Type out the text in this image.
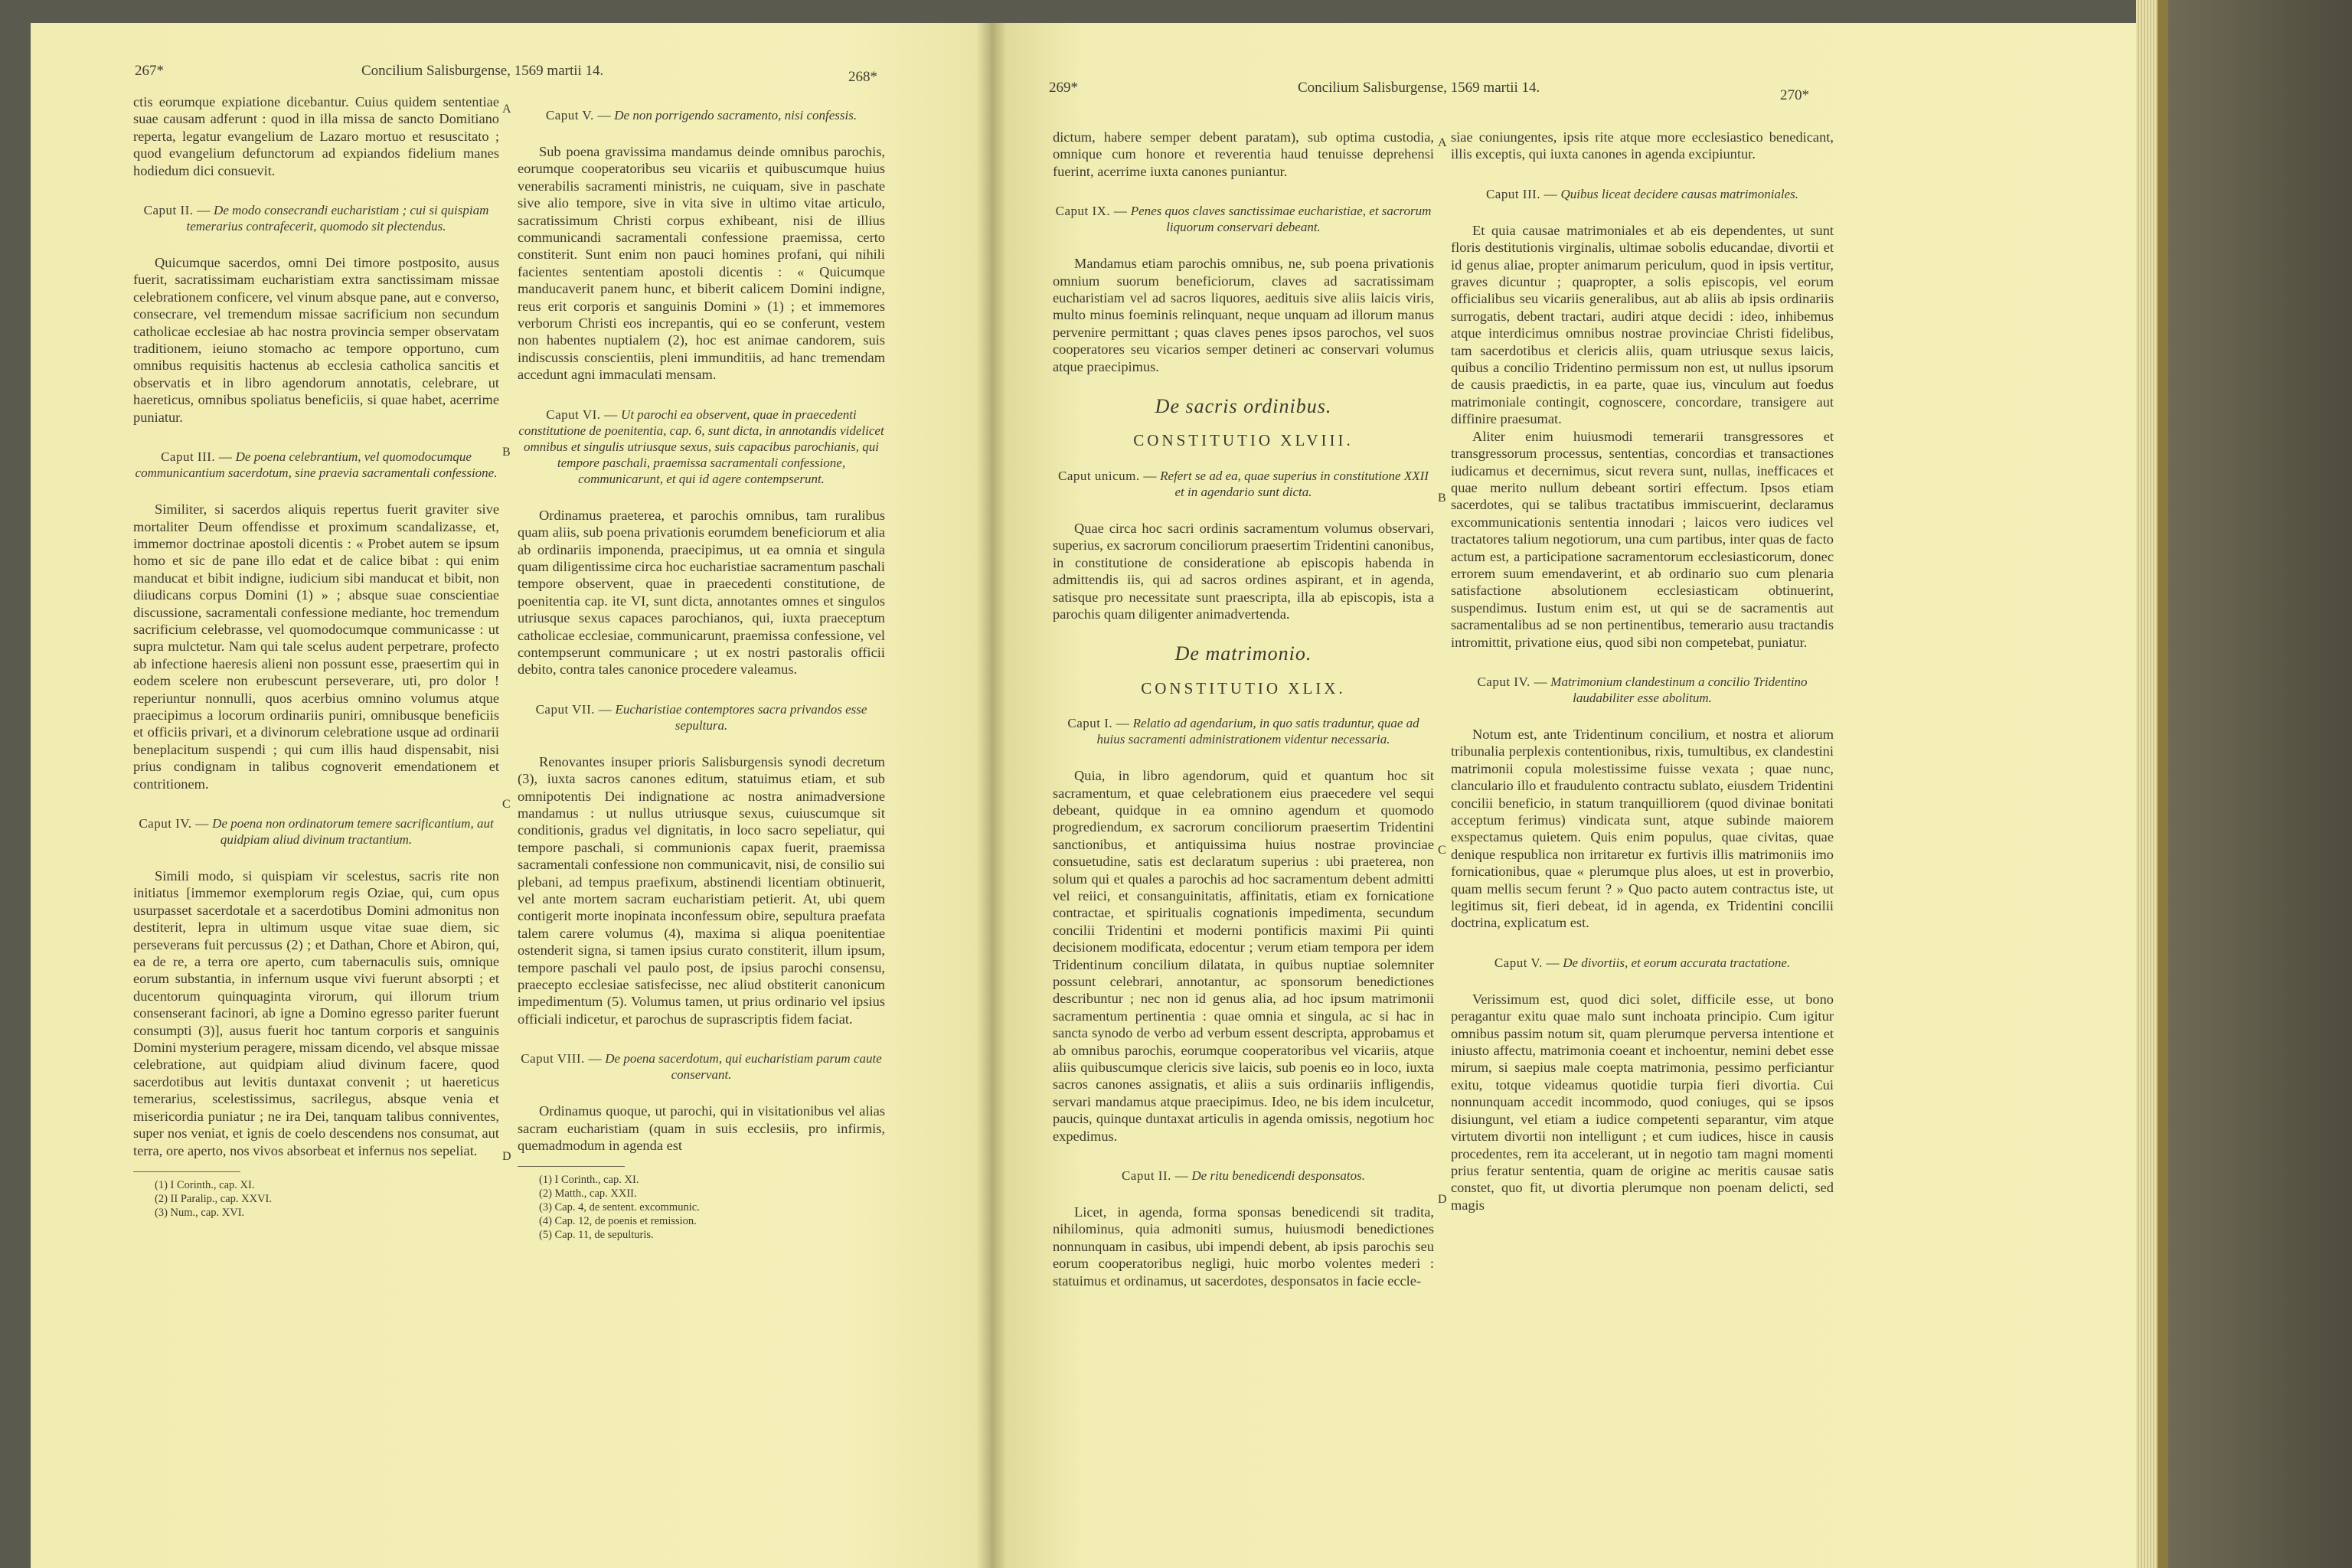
267*	Concilium Salisburgense, 1569 martii 14.	268*
A
B
C
D

ctis eorumque expiatione dicebantur. Cuius quidem sententiae suae causam adferunt : quod in illa missa de sancto Domitiano reperta, legatur evangelium de Lazaro mortuo et resuscitato ; quod evangelium defunctorum ad expiandos fidelium manes hodiedum dici consuevit.

Caput II. — De modo consecrandi eucharistiam ; cui si quispiam temerarius contrafecerit, quomodo sit plectendus.

Quicumque sacerdos, omni Dei timore postposito, ausus fuerit, sacratissimam eucharistiam extra sanctissimam missae celebrationem conficere, vel vinum absque pane, aut e converso, consecrare, vel tremendum missae sacrificium non secundum catholicae ecclesiae ab hac nostra provincia semper observatam traditionem, ieiuno stomacho ac tempore opportuno, cum omnibus requisitis hactenus ab ecclesia catholica sancitis et observatis et in libro agendorum annotatis, celebrare, ut haereticus, omnibus spoliatus beneficiis, si quae habet, acerrime puniatur.

Caput III. — De poena celebrantium, vel quomodocumque communicantium sacerdotum, sine praevia sacramentali confessione.

Similiter, si sacerdos aliquis repertus fuerit graviter sive mortaliter Deum offendisse et proximum scandalizasse, et, immemor doctrinae apostoli dicentis : « Probet autem se ipsum homo et sic de pane illo edat et de calice bibat : qui enim manducat et bibit indigne, iudicium sibi manducat et bibit, non diiudicans corpus Domini (1) » ; absque suae conscientiae discussione, sacramentali confessione mediante, hoc tremendum sacrificium celebrasse, vel quomodocumque communicasse : ut supra mulctetur. Nam qui tale scelus audent perpetrare, profecto ab infectione haeresis alieni non possunt esse, praesertim qui in eodem scelere non erubescunt perseverare, uti, pro dolor ! reperiuntur nonnulli, quos acerbius omnino volumus atque praecipimus a locorum ordinariis puniri, omnibusque beneficiis et officiis privari, et a divinorum celebratione usque ad ordinarii beneplacitum suspendi ; qui cum illis haud dispensabit, nisi prius condignam in talibus cognoverit emendationem et contritionem.

Caput IV. — De poena non ordinatorum temere sacrificantium, aut quidpiam aliud divinum tractantium.

Simili modo, si quispiam vir scelestus, sacris rite non initiatus [immemor exemplorum regis Oziae, qui, cum opus usurpasset sacerdotale et a sacerdotibus Domini admonitus non destiterit, lepra in ultimum usque vitae suae diem, sic perseverans fuit percussus (2) ; et Dathan, Chore et Abiron, qui, ea de re, a terra ore aperto, cum tabernaculis suis, omnique eorum substantia, in infernum usque vivi fuerunt absorpti ; et ducentorum quinquaginta virorum, qui illorum trium consenserant facinori, ab igne a Domino egresso pariter fuerunt consumpti (3)], ausus fuerit hoc tantum corporis et sanguinis Domini mysterium peragere, missam dicendo, vel absque missae celebratione, aut quidpiam aliud divinum facere, quod sacerdotibus aut levitis duntaxat convenit ; ut haereticus temerarius, scelestissimus, sacrilegus, absque venia et misericordia puniatur ; ne ira Dei, tanquam talibus conniventes, super nos veniat, et ignis de coelo descendens nos consumat, aut terra, ore aperto, nos vivos absorbeat et infernus nos sepeliat.

(1) I Corinth., cap. XI.

(2) II Paralip., cap. XXVI.

(3) Num., cap. XVI.

Caput V. — De non porrigendo sacramento, nisi confessis.

Sub poena gravissima mandamus deinde omnibus parochis, eorumque cooperatoribus seu vicariis et quibuscumque huius venerabilis sacramenti ministris, ne cuiquam, sive in paschate sive alio tempore, sive in vita sive in ultimo vitae articulo, sacratissimum Christi corpus exhibeant, nisi de illius communicandi sacramentali confessione praemissa, certo constiterit. Sunt enim non pauci homines profani, qui nihili facientes sententiam apostoli dicentis : « Quicumque manducaverit panem hunc, et biberit calicem Domini indigne, reus erit corporis et sanguinis Domini » (1) ; et immemores verborum Christi eos increpantis, qui eo se conferunt, vestem non habentes nuptialem (2), hoc est animae candorem, suis indiscussis conscientiis, pleni immunditiis, ad hanc tremendam accedunt agni immaculati mensam.

Caput VI. — Ut parochi ea observent, quae in praecedenti constitutione de poenitentia, cap. 6, sunt dicta, in annotandis videlicet omnibus et singulis utriusque sexus, suis capacibus parochianis, qui tempore paschali, praemissa sacramentali confessione, communicarunt, et qui id agere contempserunt.

Ordinamus praeterea, et parochis omnibus, tam ruralibus quam aliis, sub poena privationis eorumdem beneficiorum et alia ab ordinariis imponenda, praecipimus, ut ea omnia et singula quam diligentissime circa hoc eucharistiae sacramentum paschali tempore observent, quae in praecedenti constitutione, de poenitentia cap. ite VI, sunt dicta, annotantes omnes et singulos utriusque sexus capaces parochianos, qui, iuxta praeceptum catholicae ecclesiae, communicarunt, praemissa confessione, vel contempserunt communicare ; ut ex nostri pastoralis officii debito, contra tales canonice procedere valeamus.

Caput VII. — Eucharistiae contemptores sacra privandos esse sepultura.

Renovantes insuper prioris Salisburgensis synodi decretum (3), iuxta sacros canones editum, statuimus etiam, et sub omnipotentis Dei indignatione ac nostra animadversione mandamus : ut nullus utriusque sexus, cuiuscumque sit conditionis, gradus vel dignitatis, in loco sacro sepeliatur, qui tempore paschali, si communionis capax fuerit, praemissa sacramentali confessione non communicavit, nisi, de consilio sui plebani, ad tempus praefixum, abstinendi licentiam obtinuerit, vel ante mortem sacram eucharistiam petierit. At, ubi quem contigerit morte inopinata inconfessum obire, sepultura praefata talem carere volumus (4), maxima si aliqua poenitentiae ostenderit signa, si tamen ipsius curato constiterit, illum ipsum, tempore paschali vel paulo post, de ipsius parochi consensu, praecepto ecclesiae satisfecisse, nec aliud obstiterit canonicum impedimentum (5). Volumus tamen, ut prius ordinario vel ipsius officiali indicetur, et parochus de suprascriptis fidem faciat.

Caput VIII. — De poena sacerdotum, qui eucharistiam parum caute conservant.

Ordinamus quoque, ut parochi, qui in visitationibus vel alias sacram eucharistiam (quam in suis ecclesiis, pro infirmis, quemadmodum in agenda est

(1) I Corinth., cap. XI.

(2) Matth., cap. XXII.

(3) Cap. 4, de sentent. excommunic.

(4) Cap. 12, de poenis et remission.

(5) Cap. 11, de sepulturis.

269*	Concilium Salisburgense, 1569 martii 14.	270*
A
B
C
D

dictum, habere semper debent paratam), sub optima custodia, omnique cum honore et reverentia haud tenuisse deprehensi fuerint, acerrime iuxta canones puniantur.

Caput IX. — Penes quos claves sanctissimae eucharistiae, et sacrorum liquorum conservari debeant.

Mandamus etiam parochis omnibus, ne, sub poena privationis omnium suorum beneficiorum, claves ad sacratissimam eucharistiam vel ad sacros liquores, aedituis sive aliis laicis viris, multo minus foeminis relinquant, neque unquam ad illorum manus pervenire permittant ; quas claves penes ipsos parochos, vel suos cooperatores seu vicarios semper detineri ac conservari volumus atque praecipimus.

De sacris ordinibus.
CONSTITUTIO XLVIII.
Caput unicum. — Refert se ad ea, quae superius in constitutione XXII et in agendario sunt dicta.

Quae circa hoc sacri ordinis sacramentum volumus observari, superius, ex sacrorum conciliorum praesertim Tridentini canonibus, in constitutione de consideratione ab episcopis habenda in admittendis iis, qui ad sacros ordines aspirant, et in agenda, satisque pro necessitate sunt praescripta, illa ab episcopis, ista a parochis quam diligenter animadvertenda.

De matrimonio.
CONSTITUTIO XLIX.
Caput I. — Relatio ad agendarium, in quo satis traduntur, quae ad huius sacramenti administrationem videntur necessaria.

Quia, in libro agendorum, quid et quantum hoc sit sacramentum, et quae celebrationem eius praecedere vel sequi debeant, quidque in ea omnino agendum et quomodo progrediendum, ex sacrorum conciliorum praesertim Tridentini sanctionibus, et antiquissima huius nostrae provinciae consuetudine, satis est declaratum superius : ubi praeterea, non solum qui et quales a parochis ad hoc sacramentum debent admitti vel reiici, et consanguinitatis, affinitatis, etiam ex fornicatione contractae, et spiritualis cognationis impedimenta, secundum concilii Tridentini et moderni pontificis maximi Pii quinti decisionem modificata, edocentur ; verum etiam tempora per idem Tridentinum concilium dilatata, in quibus nuptiae solemniter possunt celebrari, annotantur, ac sponsorum benedictiones describuntur ; nec non id genus alia, ad hoc ipsum matrimonii sacramentum pertinentia : quae omnia et singula, ac si hac in sancta synodo de verbo ad verbum essent descripta, approbamus et ab omnibus parochis, eorumque cooperatoribus vel vicariis, atque aliis quibuscumque clericis sive laicis, sub poenis eo in loco, iuxta sacros canones assignatis, et aliis a suis ordinariis infligendis, servari mandamus atque praecipimus. Ideo, ne bis idem inculcetur, paucis, quinque duntaxat articulis in agenda omissis, negotium hoc expedimus.

Caput II. — De ritu benedicendi desponsatos.

Licet, in agenda, forma sponsas benedicendi sit tradita, nihilominus, quia admoniti sumus, huiusmodi benedictiones nonnunquam in casibus, ubi impendi debent, ab ipsis parochis seu eorum cooperatoribus negligi, huic morbo volentes mederi : statuimus et ordinamus, ut sacerdotes, desponsatos in facie eccle-

siae coniungentes, ipsis rite atque more ecclesiastico benedicant, illis exceptis, qui iuxta canones in agenda excipiuntur.

Caput III. — Quibus liceat decidere causas matrimoniales.

Et quia causae matrimoniales et ab eis dependentes, ut sunt floris destitutionis virginalis, ultimae sobolis educandae, divortii et id genus aliae, propter animarum periculum, quod in ipsis vertitur, graves dicuntur ; quapropter, a solis episcopis, vel eorum officialibus seu vicariis generalibus, aut ab aliis ab ipsis ordinariis surrogatis, debent tractari, audiri atque decidi : ideo, inhibemus atque interdicimus omnibus nostrae provinciae Christi fidelibus, tam sacerdotibus et clericis aliis, quam utriusque sexus laicis, quibus a concilio Tridentino permissum non est, ut nullus ipsorum de causis praedictis, in ea parte, quae ius, vinculum aut foedus matrimoniale contingit, cognoscere, concordare, transigere aut diffinire praesumat.

Aliter enim huiusmodi temerarii transgressores et transgressorum processus, sententias, concordias et transactiones iudicamus et decernimus, sicut revera sunt, nullas, inefficaces et quae merito nullum debeant sortiri effectum. Ipsos etiam sacerdotes, qui se talibus tractatibus immiscuerint, declaramus excommunicationis sententia innodari ; laicos vero iudices vel tractatores talium negotiorum, una cum partibus, inter quas de facto actum est, a participatione sacramentorum ecclesiasticorum, donec errorem suum emendaverint, et ab ordinario suo cum plenaria satisfactione absolutionem ecclesiasticam obtinuerint, suspendimus. Iustum enim est, ut qui se de sacramentis aut sacramentalibus ad se non pertinentibus, temerario ausu tractandis intromittit, privatione eius, quod sibi non competebat, puniatur.

Caput IV. — Matrimonium clandestinum a concilio Tridentino laudabiliter esse abolitum.

Notum est, ante Tridentinum concilium, et nostra et aliorum tribunalia perplexis contentionibus, rixis, tumultibus, ex clandestini matrimonii copula molestissime fuisse vexata ; quae nunc, clanculario illo et fraudulento contractu sublato, eiusdem Tridentini concilii beneficio, in statum tranquilliorem (quod divinae bonitati acceptum ferimus) vindicata sunt, atque subinde maiorem exspectamus quietem. Quis enim populus, quae civitas, quae denique respublica non irritaretur ex furtivis illis matrimoniis imo fornicationibus, quae « plerumque plus aloes, ut est in proverbio, quam mellis secum ferunt ? » Quo pacto autem contractus iste, ut legitimus sit, fieri debeat, id in agenda, ex Tridentini concilii doctrina, explicatum est.

Caput V. — De divortiis, et eorum accurata tractatione.

Verissimum est, quod dici solet, difficile esse, ut bono peragantur exitu quae malo sunt inchoata principio. Cum igitur omnibus passim notum sit, quam plerumque perversa intentione et iniusto affectu, matrimonia coeant et inchoentur, nemini debet esse mirum, si saepius male coepta matrimonia, pessimo perficiantur exitu, totque videamus quotidie turpia fieri divortia. Cui nonnunquam accedit incommodo, quod coniuges, qui se ipsos disiungunt, vel etiam a iudice competenti separantur, vim atque virtutem divortii non intelligunt ; et cum iudices, hisce in causis procedentes, rem ita accelerant, ut in negotio tam magni momenti prius feratur sententia, quam de origine ac meritis causae satis constet, quo fit, ut divortia plerumque non poenam delicti, sed magis
